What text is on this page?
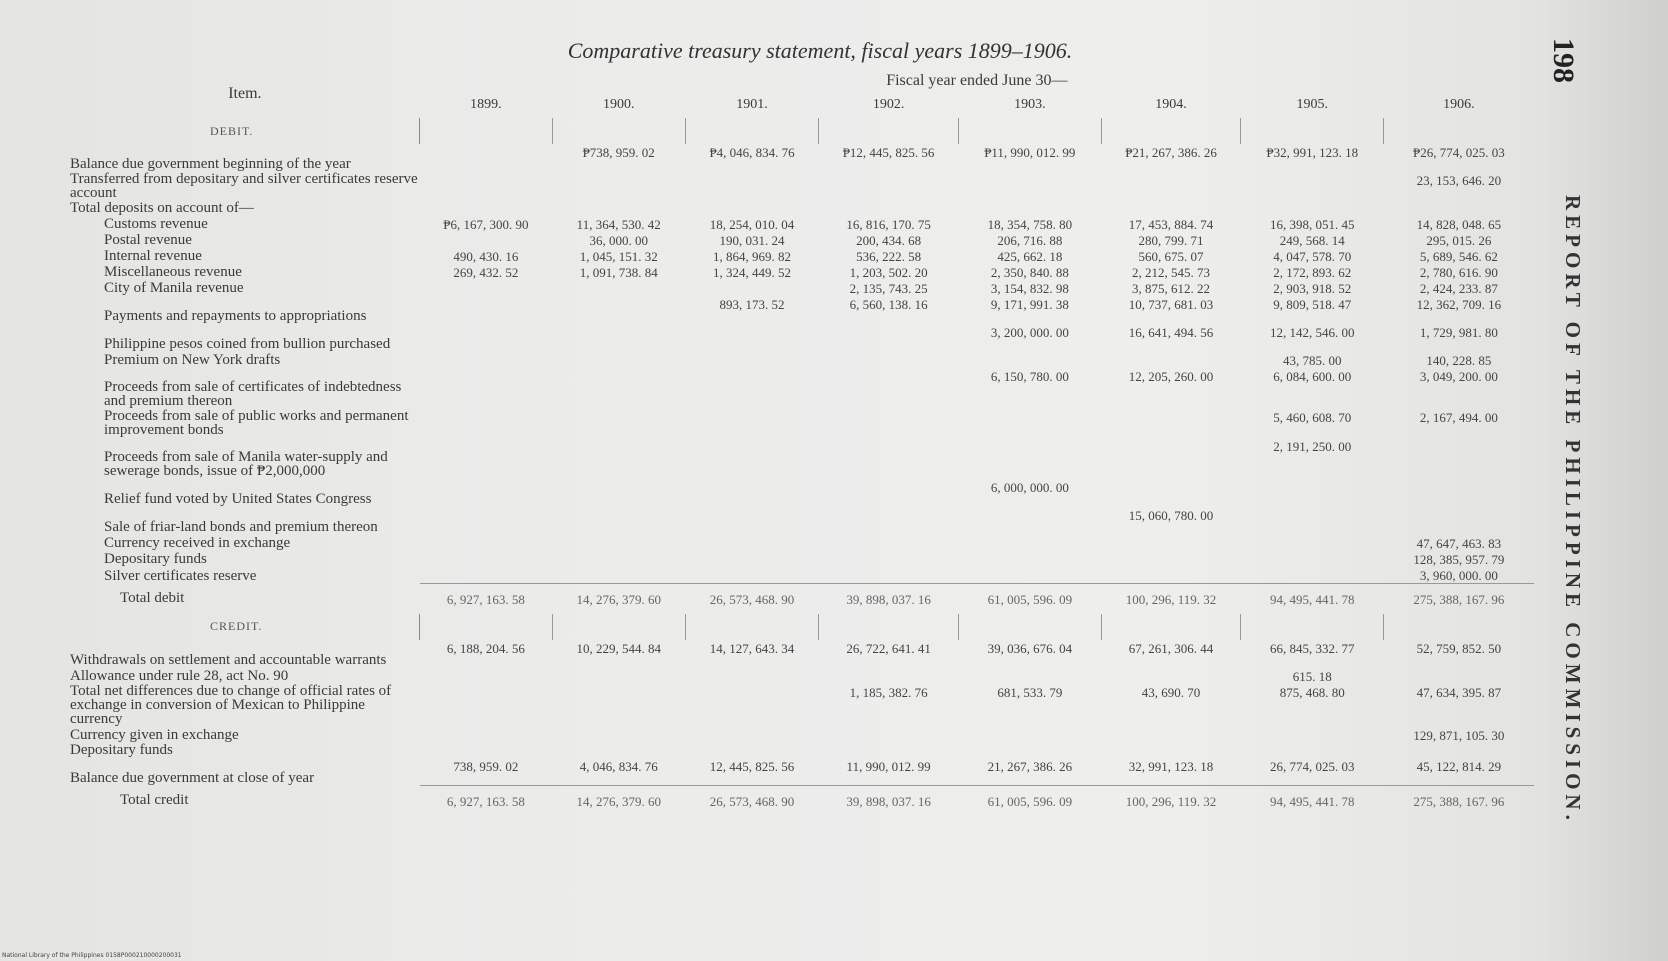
Comparative treasury statement, fiscal years 1899–1906.	198
REPORT OF THE PHILIPPINE COMMISSION.
Item.	Fiscal year ended June 30—							
	1899.	1900.	1901.	1902.	1903.	1904.	1905.	1906.
DEBIT.								
Balance due government beginning of the year		₱738, 959. 02	₱4, 046, 834. 76	₱12, 445, 825. 56	₱11, 990, 012. 99	₱21, 267, 386. 26	₱32, 991, 123. 18	₱26, 774, 025. 03
Transferred from depositary and silver certificates reserve account								23, 153, 646. 20
Total deposits on account of—								
Customs revenue	₱6, 167, 300. 90	11, 364, 530. 42	18, 254, 010. 04	16, 816, 170. 75	18, 354, 758. 80	17, 453, 884. 74	16, 398, 051. 45	14, 828, 048. 65
Postal revenue		36, 000. 00	190, 031. 24	200, 434. 68	206, 716. 88	280, 799. 71	249, 568. 14	295, 015. 26
Internal revenue	490, 430. 16	1, 045, 151. 32	1, 864, 969. 82	536, 222. 58	425, 662. 18	560, 675. 07	4, 047, 578. 70	5, 689, 546. 62
Miscellaneous revenue	269, 432. 52	1, 091, 738. 84	1, 324, 449. 52	1, 203, 502. 20	2, 350, 840. 88	2, 212, 545. 73	2, 172, 893. 62	2, 780, 616. 90
City of Manila revenue				2, 135, 743. 25	3, 154, 832. 98	3, 875, 612. 22	2, 903, 918. 52	2, 424, 233. 87
Payments and repayments to appropriations			893, 173. 52	6, 560, 138. 16	9, 171, 991. 38	10, 737, 681. 03	9, 809, 518. 47	12, 362, 709. 16
Philippine pesos coined from bullion purchased					3, 200, 000. 00	16, 641, 494. 56	12, 142, 546. 00	1, 729, 981. 80
Premium on New York drafts							43, 785. 00	140, 228. 85
Proceeds from sale of certificates of indebtedness and premium thereon					6, 150, 780. 00	12, 205, 260. 00	6, 084, 600. 00	3, 049, 200. 00
Proceeds from sale of public works and permanent improvement bonds							5, 460, 608. 70	2, 167, 494. 00
Proceeds from sale of Manila water-supply and sewerage bonds, issue of ₱2,000,000							2, 191, 250. 00	
Relief fund voted by United States Congress					6, 000, 000. 00			
Sale of friar-land bonds and premium thereon						15, 060, 780. 00		
Currency received in exchange								47, 647, 463. 83
Depositary funds								128, 385, 957. 79
Silver certificates reserve								3, 960, 000. 00
Total debit	6, 927, 163. 58	14, 276, 379. 60	26, 573, 468. 90	39, 898, 037. 16	61, 005, 596. 09	100, 296, 119. 32	94, 495, 441. 78	275, 388, 167. 96
CREDIT.								
Withdrawals on settlement and accountable warrants	6, 188, 204. 56	10, 229, 544. 84	14, 127, 643. 34	26, 722, 641. 41	39, 036, 676. 04	67, 261, 306. 44	66, 845, 332. 77	52, 759, 852. 50
Allowance under rule 28, act No. 90							615. 18	
Total net differences due to change of official rates of exchange in conversion of Mexican to Philippine currency				1, 185, 382. 76	681, 533. 79	43, 690. 70	875, 468. 80	47, 634, 395. 87
Currency given in exchange								129, 871, 105. 30
Depositary funds								
Balance due government at close of year	738, 959. 02	4, 046, 834. 76	12, 445, 825. 56	11, 990, 012. 99	21, 267, 386. 26	32, 991, 123. 18	26, 774, 025. 03	45, 122, 814. 29
Total credit	6, 927, 163. 58	14, 276, 379. 60	26, 573, 468. 90	39, 898, 037. 16	61, 005, 596. 09	100, 296, 119. 32	94, 495, 441. 78	275, 388, 167. 96
National Library of the Philippines 0158P000210000200031
